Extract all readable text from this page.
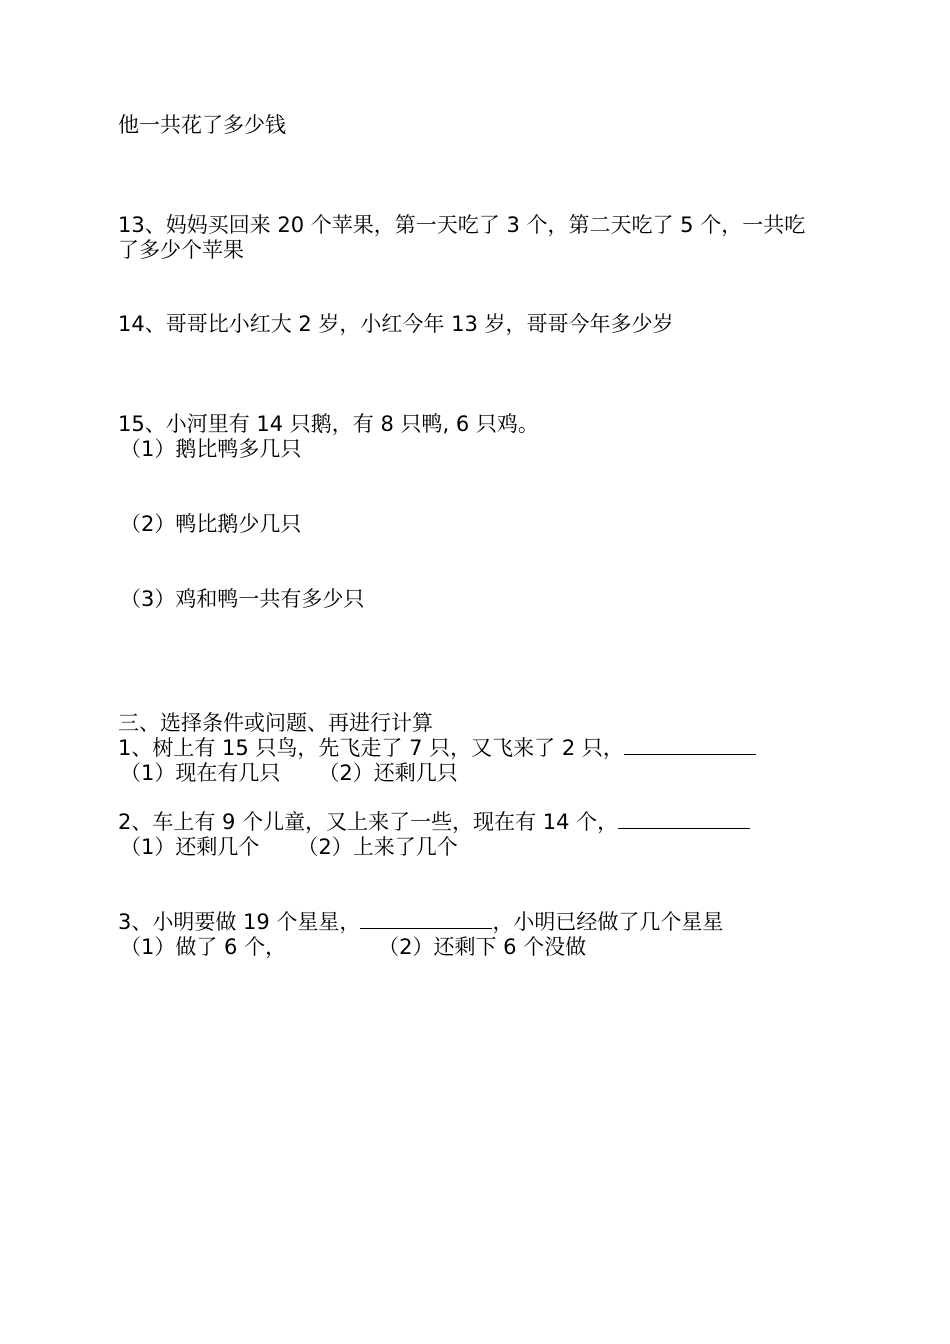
他一共花了多少钱

13、妈妈买回来 20 个苹果，第一天吃了 3 个，第二天吃了 5 个，一共吃

了多少个苹果

14、哥哥比小红大 2 岁，小红今年 13 岁，哥哥今年多少岁

15、小河里有 14 只鹅，有 8 只鸭, 6 只鸡。

（1）鹅比鸭多几只

（2）鸭比鹅少几只

（3）鸡和鸭一共有多少只

三、选择条件或问题、再进行计算

1、树上有 15 只鸟，先飞走了 7 只，又飞来了 2 只，

（1）现在有几只 （2）还剩几只

2、车上有 9 个儿童，又上来了一些，现在有 14 个，

（1）还剩几个 （2）上来了几个

3、小明要做 19 个星星，	，小明已经做了几个星星

（1）做了 6 个，	（2）还剩下 6 个没做
